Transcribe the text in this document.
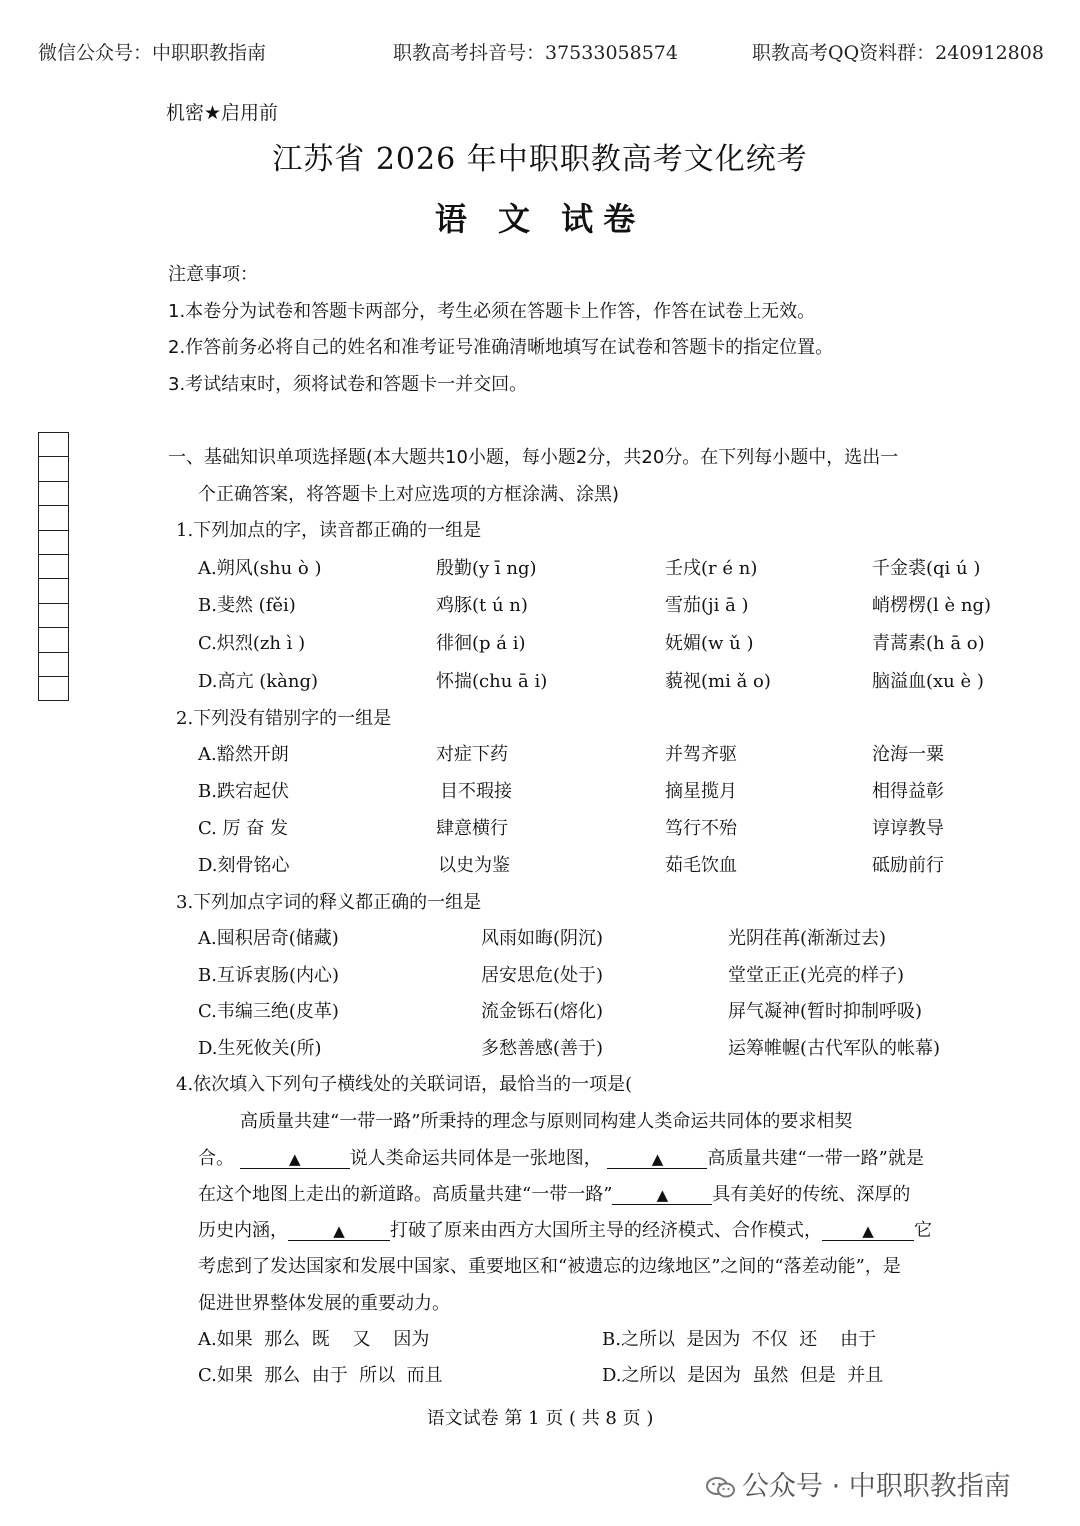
微信公众号：中职职教指南	职教高考抖音号：37533058574	职教高考QQ资料群：240912808
机密★启用前
江苏省 2026 年中职职教高考文化统考
语 文 试卷
注意事项：
1.本卷分为试卷和答题卡两部分，考生必须在答题卡上作答，作答在试卷上无效。
2.作答前务必将自己的姓名和准考证号准确清晰地填写在试卷和答题卡的指定位置。
3.考试结束时，须将试卷和答题卡一并交回。
一、基础知识单项选择题(本大题共10小题，每小题2分，共20分。在下列每小题中，选出一
个正确答案，将答题卡上对应选项的方框涂满、涂黑)
1.下列加点的字，读音都正确的一组是
A.朔风(shu ò )	殷勤(y ī ng)	壬戌(r é n)	千金裘(qi ú )
B.斐然 (fěi)	鸡豚(t ú n)	雪茄(ji ā )	峭楞楞(l è ng)
C.炽烈(zh ì )	徘徊(p á i)	妩媚(w ǔ )	青蒿素(h ā o)
D.高亢 (kàng)	怀揣(chu ā i)	藐视(mi ǎ o)	脑溢血(xu è )
2.下列没有错别字的一组是
A.豁然开朗	对症下药	并驾齐驱	沧海一粟
B.跌宕起伏	目不瑕接	摘星揽月	相得益彰
C. 厉 奋 发	肆意横行	笃行不殆	谆谆教导
D.刻骨铭心	以史为鉴	茹毛饮血	砥励前行
3.下列加点字词的释义都正确的一组是
A.囤积居奇(储藏)	风雨如晦(阴沉)	光阴荏苒(渐渐过去)
B.互诉衷肠(内心)	居安思危(处于)	堂堂正正(光亮的样子)
C.韦编三绝(皮革)	流金铄石(熔化)	屏气凝神(暂时抑制呼吸)
D.生死攸关(所)	多愁善感(善于)	运筹帷幄(古代军队的帐幕)
4.依次填入下列句子横线处的关联词语，最恰当的一项是(
高质量共建“一带一路”所秉持的理念与原则同构建人类命运共同体的要求相契
合。	▲	说人类命运共同体是一张地图，	▲ 高质量共建“一带一路”就是
在这个地图上走出的新道路。高质量共建“一带一路”	▲ 具有美好的传统、深厚的
历史内涵，	▲	打破了原来由西方大国所主导的经济模式、合作模式，	▲ 它
考虑到了发达国家和发展中国家、重要地区和“被遗忘的边缘地区”之间的“落差动能”，是
促进世界整体发展的重要动力。
A.如果  那么  既    又    因为	B.之所以  是因为  不仅  还    由于
C.如果  那么  由于  所以  而且	D.之所以  是因为  虽然  但是  并且
语文试卷 第 1 页 ( 共 8 页 )
公众号 · 中职职教指南
